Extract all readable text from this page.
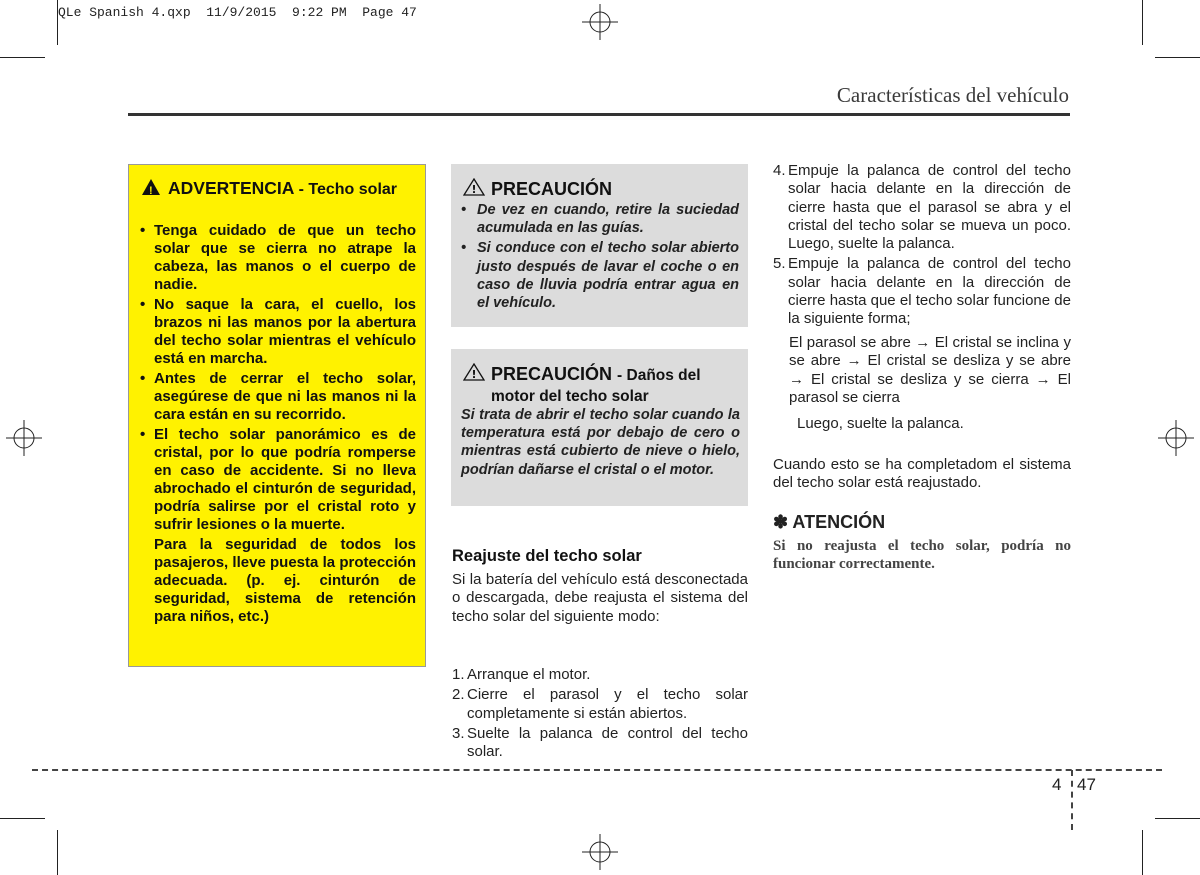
QLe Spanish 4.qxp  11/9/2015  9:22 PM  Page 47
Características del vehículo
!ADVERTENCIA - Techo solar
• Tenga cuidado de que un techo solar que se cierra no atrape la cabeza, las manos o el cuerpo de nadie.
• No saque la cara, el cuello, los brazos ni las manos por la abertura del techo solar mientras el vehículo está en marcha.
• Antes de cerrar el techo solar, asegúrese de que ni las manos ni la cara están en su recorrido.
• El techo solar panorámico es de cristal, por lo que podría romperse en caso de accidente. Si no lleva abrochado el cinturón de seguridad, podría salirse por el cristal roto y sufrir lesiones o la muerte.
Para la seguridad de todos los pasajeros, lleve puesta la protección adecuada. (p. ej. cinturón de seguridad, sistema de retención para niños, etc.)
! PRECAUCIÓN
• De vez en cuando, retire la suciedad acumulada en las guías.
• Si conduce con el techo solar abierto justo después de lavar el coche o en caso de lluvia podría entrar agua en el vehículo.
! PRECAUCIÓN - Daños del
motor del techo solar
Si trata de abrir el techo solar cuando la temperatura está por debajo de cero o mientras está cubierto de nieve o hielo, podrían dañarse el cristal o el motor.
Reajuste del techo solar
Si la batería del vehículo está desconectada o descargada, debe reajusta el sistema del techo solar del siguiente modo:
1. Arranque el motor.
2. Cierre el parasol y el techo solar completamente si están abiertos.
3. Suelte la palanca de control del techo solar.
4. Empuje la palanca de control del techo solar hacia delante en la dirección de cierre hasta que el parasol se abra y el cristal del techo solar se mueva un poco. Luego, suelte la palanca.
5. Empuje la palanca de control del techo solar hacia delante en la dirección de cierre hasta que el techo solar funcione de la siguiente forma;
El parasol se abre → El cristal se inclina y se abre → El cristal se desliza y se abre → El cristal se desliza y se cierra → El parasol se cierra
Luego, suelte la palanca.
Cuando esto se ha completadom el sistema del techo solar está reajustado.
✽ ATENCIÓN
Si no reajusta el techo solar, podría no funcionar correctamente.
4 47
